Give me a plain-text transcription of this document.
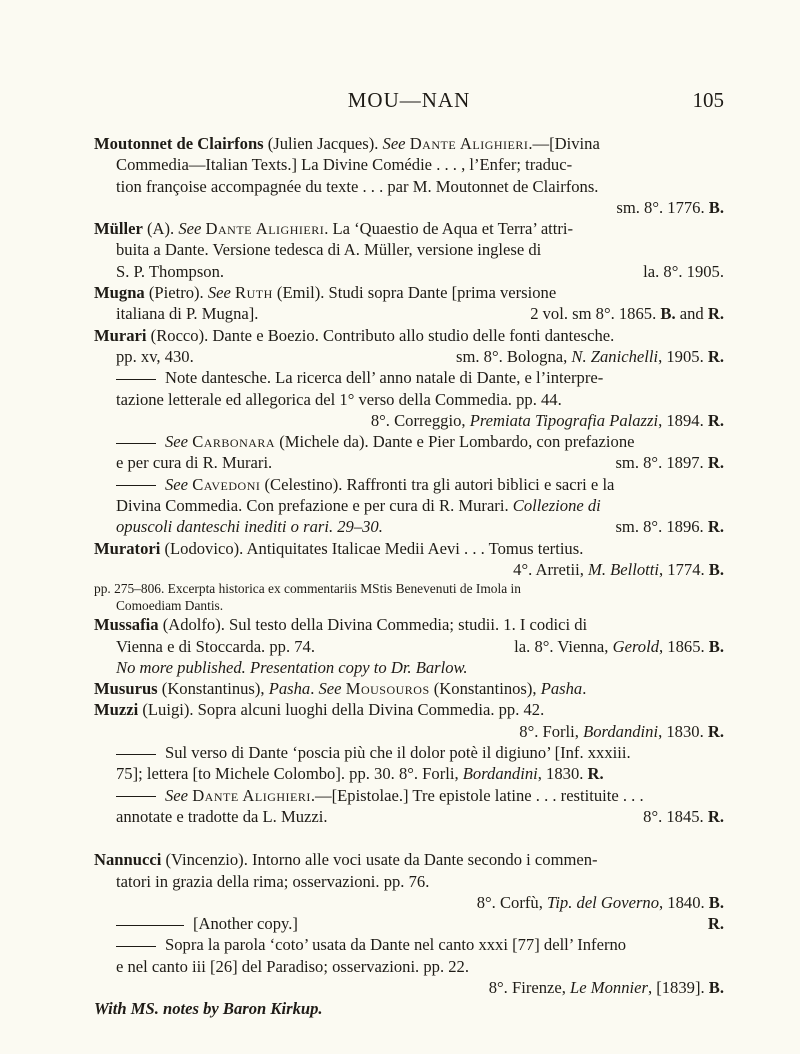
MOU—NAN	105
Moutonnet de Clairfons (Julien Jacques). See Dante Alighieri.—[Divina
Commedia—Italian Texts.] La Divine Comédie . . . , l’Enfer; traduc-
tion françoise accompagnée du texte . . . par M. Moutonnet de Clairfons.
sm. 8°. 1776. B.
Müller (A). See Dante Alighieri. La ‘Quaestio de Aqua et Terra’ attri-
buita a Dante. Versione tedesca di A. Müller, versione inglese di
S. P. Thompson.	la. 8°. 1905.
Mugna (Pietro). See Ruth (Emil). Studi sopra Dante [prima versione
italiana di P. Mugna].	2 vol. sm 8°. 1865. B. and R.
Murari (Rocco). Dante e Boezio. Contributo allo studio delle fonti dantesche.
pp. xv, 430.	sm. 8°. Bologna, N. Zanichelli, 1905. R.
Note dantesche. La ricerca dell’ anno natale di Dante, e l’interpre-
tazione letterale ed allegorica del 1° verso della Commedia. pp. 44.
8°. Correggio, Premiata Tipografia Palazzi, 1894. R.
See Carbonara (Michele da). Dante e Pier Lombardo, con prefazione
e per cura di R. Murari.	sm. 8°. 1897. R.
See Cavedoni (Celestino). Raffronti tra gli autori biblici e sacri e la
Divina Commedia. Con prefazione e per cura di R. Murari. Collezione di
opuscoli danteschi inediti o rari. 29–30.	sm. 8°. 1896. R.
Muratori (Lodovico). Antiquitates Italicae Medii Aevi . . . Tomus tertius.
4°. Arretii, M. Bellotti, 1774. B.
pp. 275–806. Excerpta historica ex commentariis MStis Benevenuti de Imola in
Comoediam Dantis.
Mussafia (Adolfo). Sul testo della Divina Commedia; studii. 1. I codici di
Vienna e di Stoccarda. pp. 74.	la. 8°. Vienna, Gerold, 1865. B.
No more published. Presentation copy to Dr. Barlow.
Musurus (Konstantinus), Pasha. See Mousouros (Konstantinos), Pasha.
Muzzi (Luigi). Sopra alcuni luoghi della Divina Commedia. pp. 42.
8°. Forli, Bordandini, 1830. R.
Sul verso di Dante ‘poscia più che il dolor potè il digiuno’ [Inf. xxxiii.
75]; lettera [to Michele Colombo]. pp. 30. 8°. Forli, Bordandini, 1830. R.
See Dante Alighieri.—[Epistolae.] Tre epistole latine . . . restituite . . .
annotate e tradotte da L. Muzzi.	8°. 1845. R.
Nannucci (Vincenzio). Intorno alle voci usate da Dante secondo i commen-
tatori in grazia della rima; osservazioni. pp. 76.
8°. Corfù, Tip. del Governo, 1840. B.
[Another copy.]	R.
Sopra la parola ‘coto’ usata da Dante nel canto xxxi [77] dell’ Inferno
e nel canto iii [26] del Paradiso; osservazioni. pp. 22.
8°. Firenze, Le Monnier, [1839]. B.
With MS. notes by Baron Kirkup.
